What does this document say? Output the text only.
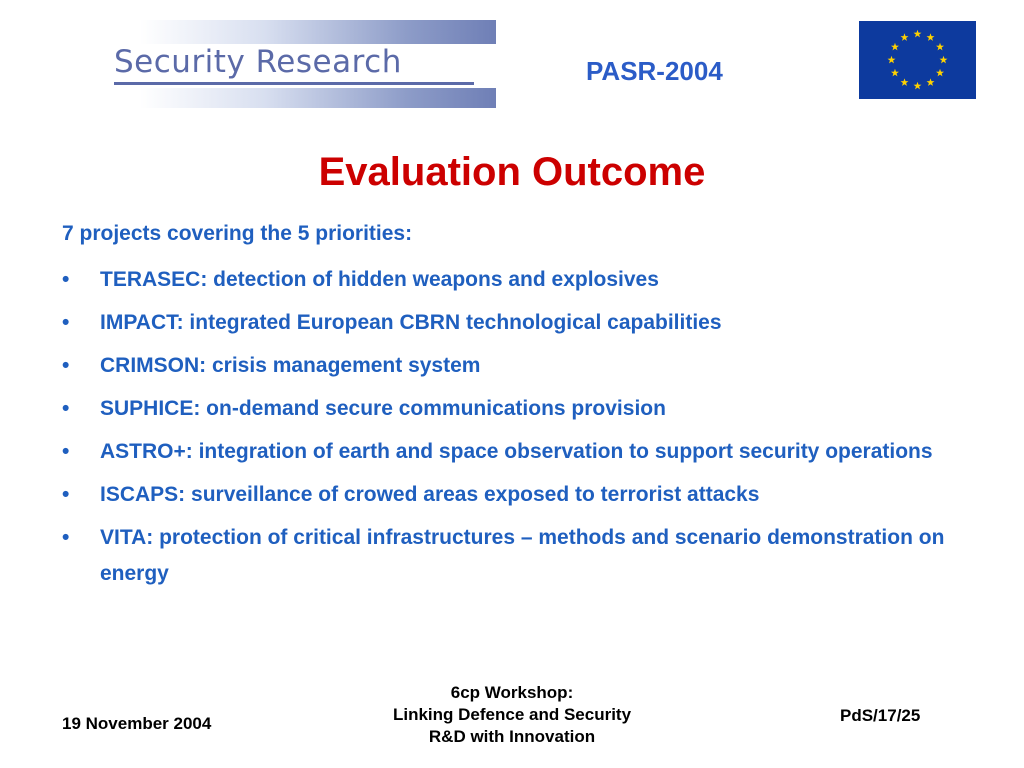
Security Research	PASR-2004
Evaluation Outcome
7 projects covering the 5 priorities:
• TERASEC: detection of hidden weapons and explosives
• IMPACT: integrated European CBRN technological capabilities
• CRIMSON: crisis management system
• SUPHICE: on-demand secure communications provision
• ASTRO+: integration of earth and space observation to support security operations
• ISCAPS: surveillance of crowed areas exposed to terrorist attacks
• VITA: protection of critical infrastructures – methods and scenario demonstration on energy
19 November 2004
6cp Workshop:
Linking Defence and Security
R&D with Innovation
PdS/17/25
